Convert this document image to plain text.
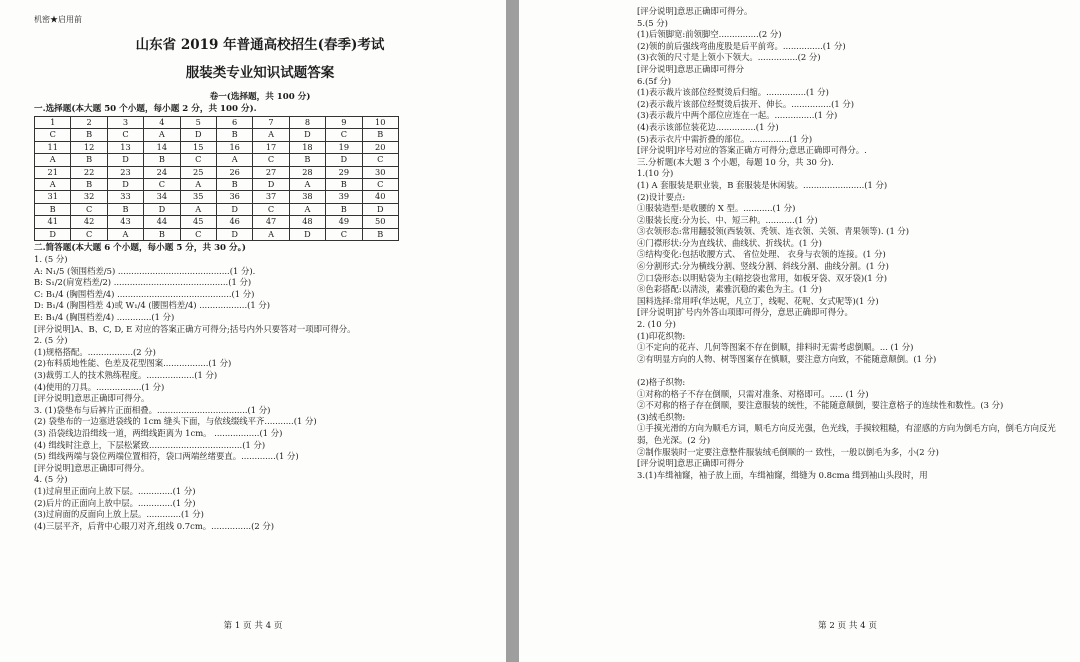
机密★启用前
山东省 2019 年普通高校招生(春季)考试
服装类专业知识试题答案
卷一(选择题，共 100 分)
一.选择题(本大题 50 个小题，每小题 2 分，共 100 分).
1	2	3	4	5	6	7	8	9	10
C	B	C	A	D	B	A	D	C	B
11	12	13	14	15	16	17	18	19	20
A	B	D	B	C	A	C	B	D	C
21	22	23	24	25	26	27	28	29	30
A	B	D	C	A	B	D	A	B	C
31	32	33	34	35	36	37	38	39	40
B	C	B	D	A	D	C	A	B	D
41	42	43	44	45	46	47	48	49	50
D	C	A	B	C	D	A	D	C	B
二.简答题(本大题 6 个小题，每小题 5 分，共 30 分。)
1. (5 分)
A: N₁/5 (领围档差/5) ..........................................(1 分).
B: S₁/2(肩宽档差/2) ...........................................(1 分)
C: B₁/4 (胸围档差/4) ...........................................(1 分)
D: B₁/4 (胸围档差 4)或 W₁/4 (腰围档差/4) ..................(1 分)
E: B₁/4 (胸围档差/4) .............(1 分)
[评分说明]A、B、C, D, E 对应的答案正确方可得分;括号内外只要答对一项即可得分。
2. (5 分)
(1)规格搭配。.................(2 分)
(2)布料质地性能、色差及花型图案.................(1 分)
(3)裁剪工人的技术熟练程度。..................(1 分)
(4)使用的刀具。.................(1 分)
[评分说明]意思正确即可得分。
3. (1)袋垫布与后裤片正面相叠。..................................(1 分)
(2) 袋垫布的一边塞进袋线的 1cm 缝头下面，与依线缀线平齐...........(1 分)
(3) 沿袋线边沿缉线一道，两缉线距离为 1cm。 .................(1 分)
(4) 缉线时注意上，下层松紧致...................................(1 分)
(5) 缉线两端与袋位两端位置相符，袋口两端丝绪要直。.............(1 分)
[评分说明]意思正确即可得分。
4. (5 分)
(1)过肩里正面向上放下层。.............(1 分)
(2)后片的正面向上放中层。.............(1 分)
(3)过肩面的反面向上放上层。.............(1 分)
(4)三层平齐，后背中心眼刀对齐,组线 0.7cm。...............(2 分)
第 1 页 共 4 页
[评分说明]意思正确即可得分。
5.(5 分)
(1)后领脚宽:前领脚空...............(2 分)
(2)领的前后强线弯曲度股是后平前弯。...............(1 分)
(3)衣领的尺寸是上领小下领大。...............(2 分)
[评分说明]意思正确即可得分
6.(5f 分)
(1)表示裁片该部位经熨烫后归缩。...............(1 分)
(2)表示裁片该部位经熨烫后拔开、伸长。...............(1 分)
(3)表示裁片中两个部位应连在一起。...............(1 分)
(4)表示该部位装花边...............(1 分)
(5)表示衣片中需折叠的部位。...............(1 分)
[评分说明]序号对应的答案正确方可得分;意思正确即可得分。.
三.分析题(本大题 3 个小题，每题 10 分，共 30 分).
1.(10 分)
(1) A 套服装是职业装，B 套服装是休闲装。.......................(1 分)
(2)设计要点:
①服装造型:是收腰的 X 型。...........(1 分)
②服装长度:分为长、中、短三种。...........(1 分)
③衣领形态:常用翻驳领(西装领、秃领、连衣领、关领、青果领等). (1 分)
④门襟形状:分为直线状、曲线状、折线状。(1 分)
⑤结构变化:包括收腰方式、 省位处理、 衣身与衣领的连接。(1 分)
⑥分割形式:分为横线分割、竖线分割、斜线分割、曲线分割。(1 分)
⑦口袋形态:以明贴袋为主(暗挖袋也常用，如板牙袋、双牙袋)(1 分)
⑧色彩搭配:以清淡，素雅沉稳的素色为主。(1 分)
国料选择:常用呼(华达呢，凡立丁，线呢、花呢、女式呢等)(1 分)
[评分说明]扩号内外答山项即可得分，意思正确即可得分。
2. (10 分)
(1)印花织物:
①不定向的花卉、几何等图案不存在倒顺，排料时无需考虑倒顺。... (1 分)
②有明显方向的人物、树等图案存在慎顺，要注意方向致，不能随意颠倒。(1 分)
(2)格子织物:
①对称的格子不存在倒顺，只需对准条、对格即可。..... (1 分)
②不对称的格子存在倒顺，要注意服装的统性，不能随意颠倒，要注意格子的连续性和数性。(3 分)
(3)绒毛织物:
①手摸光滑的方向为顺毛方词，顺毛方向反光强，色光线，手摸较粗糙，有涩感的方向为倒毛方向，倒毛方向反光弱，色光深。(2 分)
②制作服装时一定要注意整件服装绒毛倒顺的一 致性，一般以倒毛为多，小(2 分)
[评分说明]意思正确即可得分
3.(1)车缉袖窿，袖子放上面，车缉袖窿，缉缝为 0.8cma 缉到袖山头段时，用
第 2 页 共 4 页
